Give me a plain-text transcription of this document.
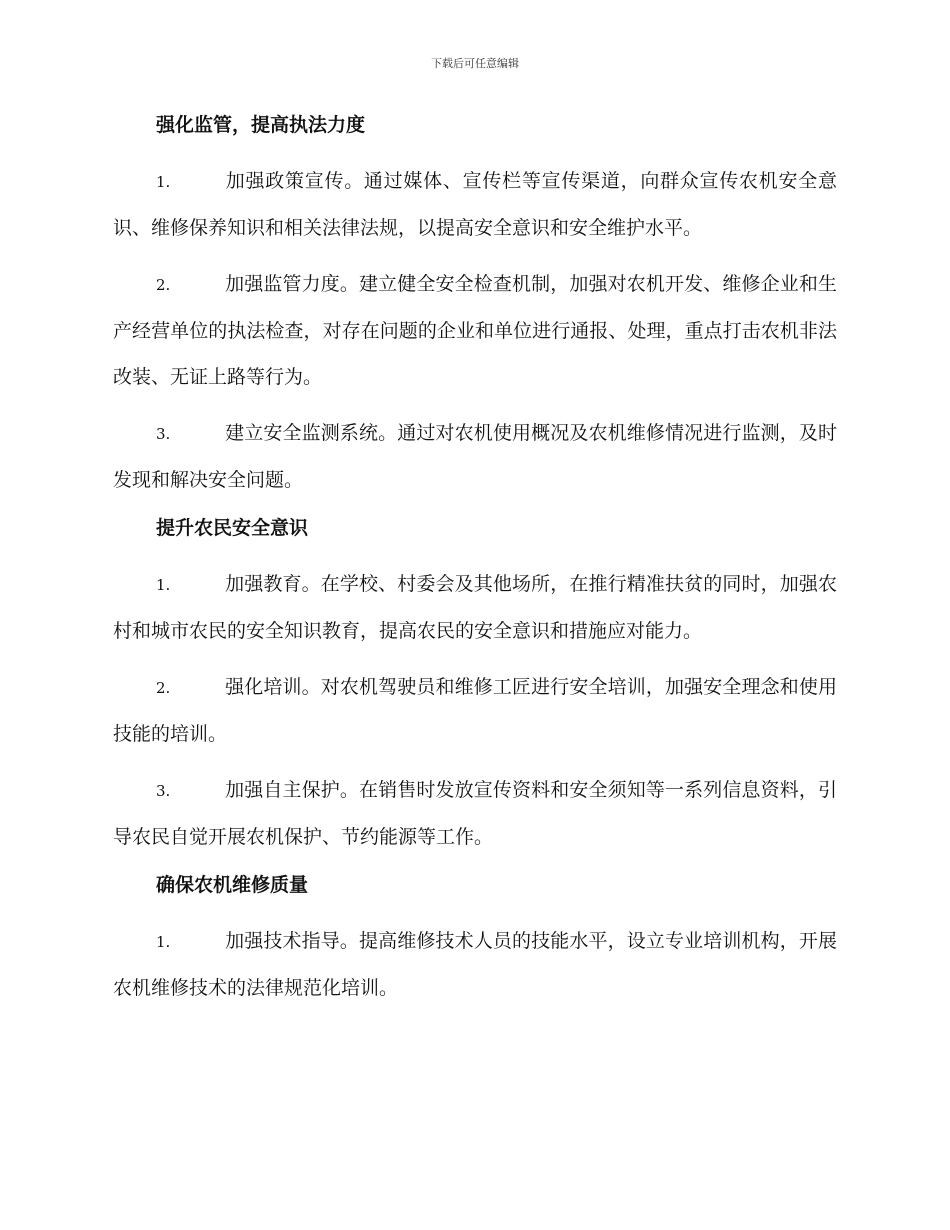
下载后可任意编辑
强化监管，提高执法力度

1.	加强政策宣传。通过媒体、宣传栏等宣传渠道，向群众宣传农机安全意识、维修保养知识和相关法律法规，以提高安全意识和安全维护水平。

2.	加强监管力度。建立健全安全检查机制，加强对农机开发、维修企业和生产经营单位的执法检查，对存在问题的企业和单位进行通报、处理，重点打击农机非法改装、无证上路等行为。

3.	建立安全监测系统。通过对农机使用概况及农机维修情况进行监测，及时发现和解决安全问题。

提升农民安全意识

1.	加强教育。在学校、村委会及其他场所，在推行精准扶贫的同时，加强农村和城市农民的安全知识教育，提高农民的安全意识和措施应对能力。

2.	强化培训。对农机驾驶员和维修工匠进行安全培训，加强安全理念和使用技能的培训。

3.	加强自主保护。在销售时发放宣传资料和安全须知等一系列信息资料，引导农民自觉开展农机保护、节约能源等工作。

确保农机维修质量

1.	加强技术指导。提高维修技术人员的技能水平，设立专业培训机构，开展农机维修技术的法律规范化培训。
